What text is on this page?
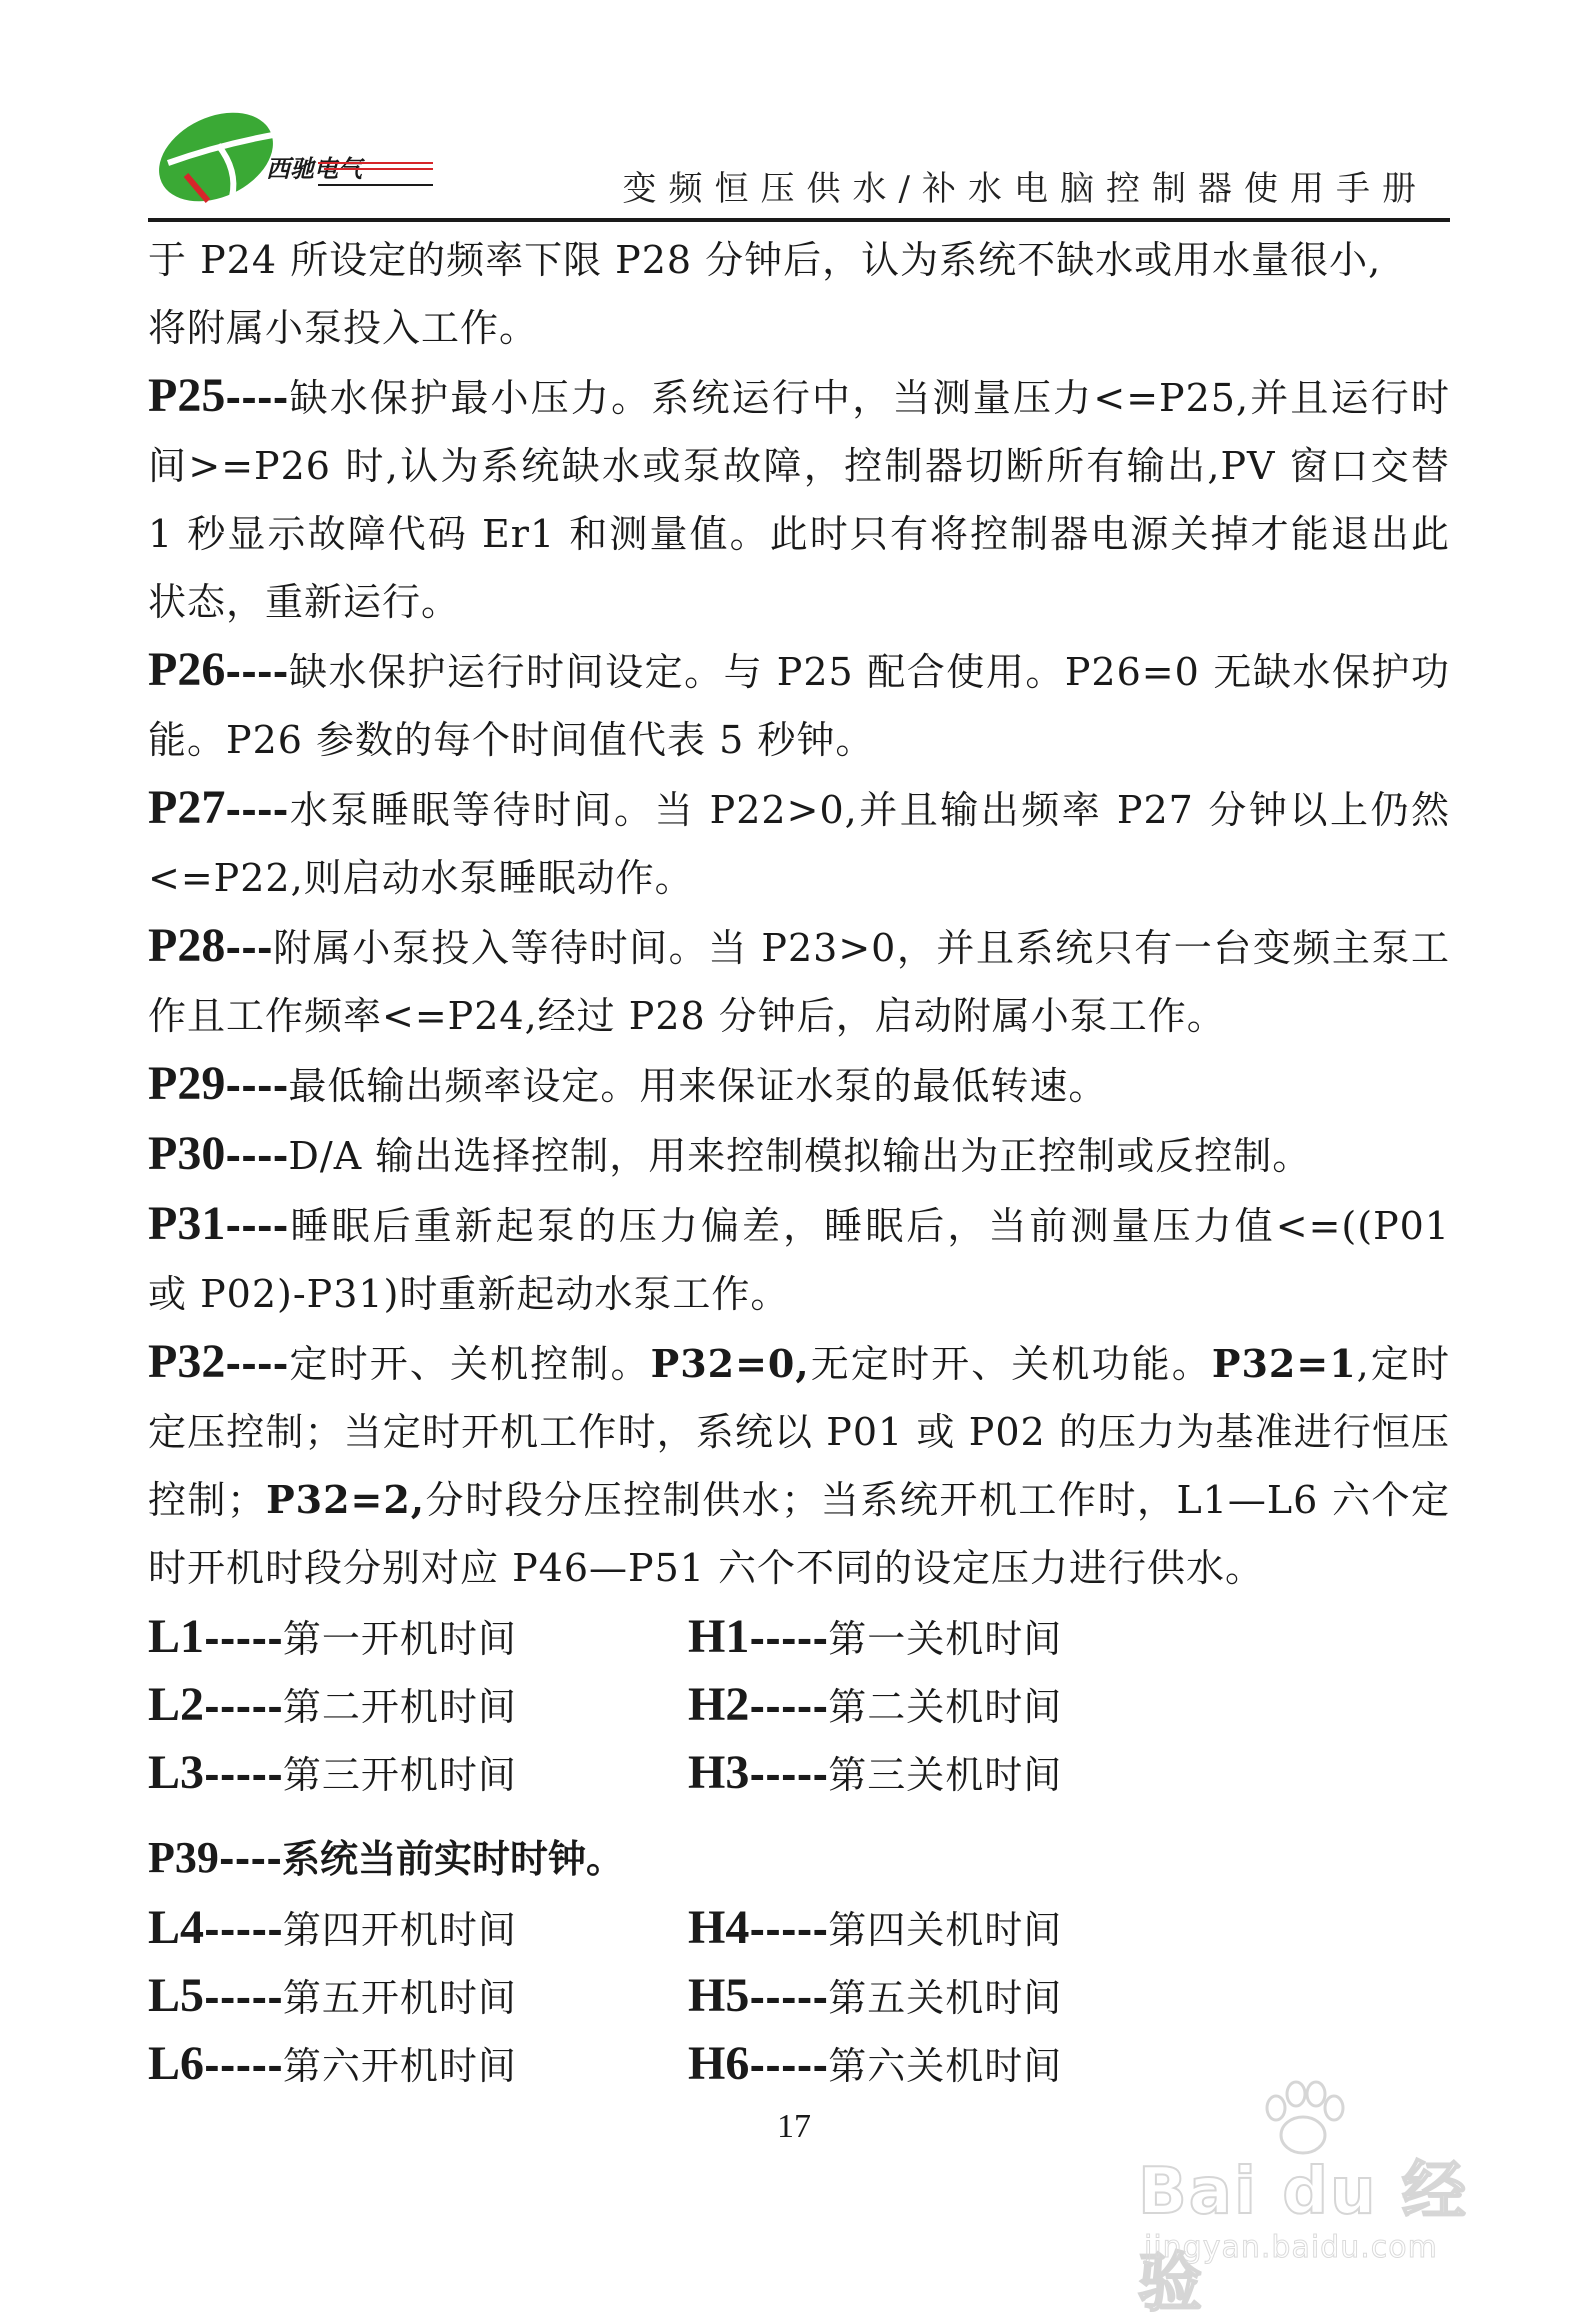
西驰电气	变频恒压供水/补水电脑控制器使用手册

于 P24 所设定的频率下限 P28 分钟后，认为系统不缺水或用水量很小,

将附属小泵投入工作。

P25----缺水保护最小压力。系统运行中，当测量压力<=P25,并且运行时间>=P26 时,认为系统缺水或泵故障，控制器切断所有输出,PV 窗口交替 1 秒显示故障代码 Er1 和测量值。此时只有将控制器电源关掉才能退出此状态，重新运行。

P26----缺水保护运行时间设定。与 P25 配合使用。P26=0 无缺水保护功能。P26 参数的每个时间值代表 5 秒钟。

P27----水泵睡眠等待时间。当 P22>0,并且输出频率 P27 分钟以上仍然<=P22,则启动水泵睡眠动作。

P28---附属小泵投入等待时间。当 P23>0，并且系统只有一台变频主泵工作且工作频率<=P24,经过 P28 分钟后，启动附属小泵工作。

P29----最低输出频率设定。用来保证水泵的最低转速。

P30----D/A 输出选择控制，用来控制模拟输出为正控制或反控制。

P31----睡眠后重新起泵的压力偏差，睡眠后，当前测量压力值<=((P01 或 P02)-P31)时重新起动水泵工作。

P32----定时开、关机控制。P32=0,无定时开、关机功能。P32=1,定时定压控制；当定时开机工作时，系统以 P01 或 P02 的压力为基准进行恒压控制；P32=2,分时段分压控制供水；当系统开机工作时，L1—L6 六个定时开机时段分别对应 P46—P51 六个不同的设定压力进行供水。

L1-----第一开机时间	H1-----第一关机时间
L2-----第二开机时间	H2-----第二关机时间
L3-----第三开机时间	H3-----第三关机时间
P39----系统当前实时时钟。
L4-----第四开机时间	H4-----第四关机时间
L5-----第五开机时间	H5-----第五关机时间
L6-----第六开机时间	H6-----第六关机时间
17
Bai du 经验
jingyan.baidu.com
